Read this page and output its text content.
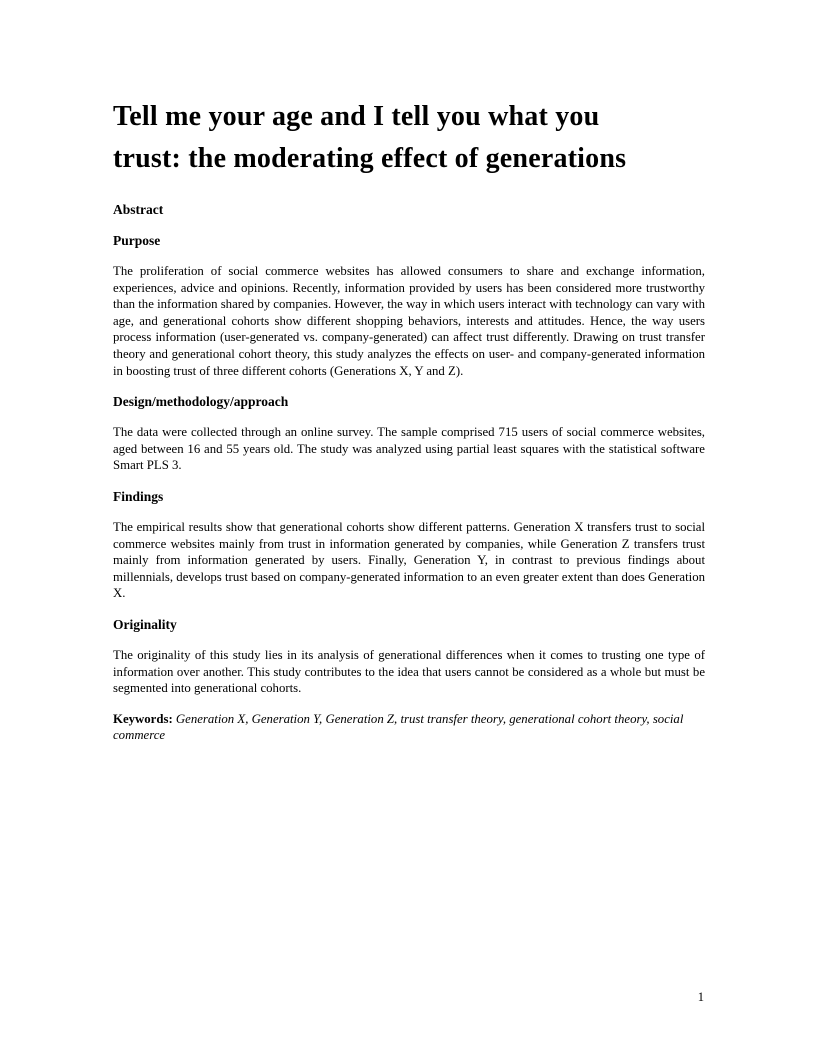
Tell me your age and I tell you what you
trust: the moderating effect of generations
Abstract
Purpose

The proliferation of social commerce websites has allowed consumers to share and exchange information, experiences, advice and opinions. Recently, information provided by users has been considered more trustworthy than the information shared by companies. However, the way in which users interact with technology can vary with age, and generational cohorts show different shopping behaviors, interests and attitudes. Hence, the way users process information (user-generated vs. company-generated) can affect trust differently. Drawing on trust transfer theory and generational cohort theory, this study analyzes the effects on user- and company-generated information in boosting trust of three different cohorts (Generations X, Y and Z).

Design/methodology/approach

The data were collected through an online survey. The sample comprised 715 users of social commerce websites, aged between 16 and 55 years old. The study was analyzed using partial least squares with the statistical software Smart PLS 3.

Findings

The empirical results show that generational cohorts show different patterns. Generation X transfers trust to social commerce websites mainly from trust in information generated by companies, while Generation Z transfers trust mainly from information generated by users. Finally, Generation Y, in contrast to previous findings about millennials, develops trust based on company-generated information to an even greater extent than does Generation X.

Originality

The originality of this study lies in its analysis of generational differences when it comes to trusting one type of information over another. This study contributes to the idea that users cannot be considered as a whole but must be segmented into generational cohorts.

Keywords: Generation X, Generation Y, Generation Z, trust transfer theory, generational cohort theory, social commerce

1
